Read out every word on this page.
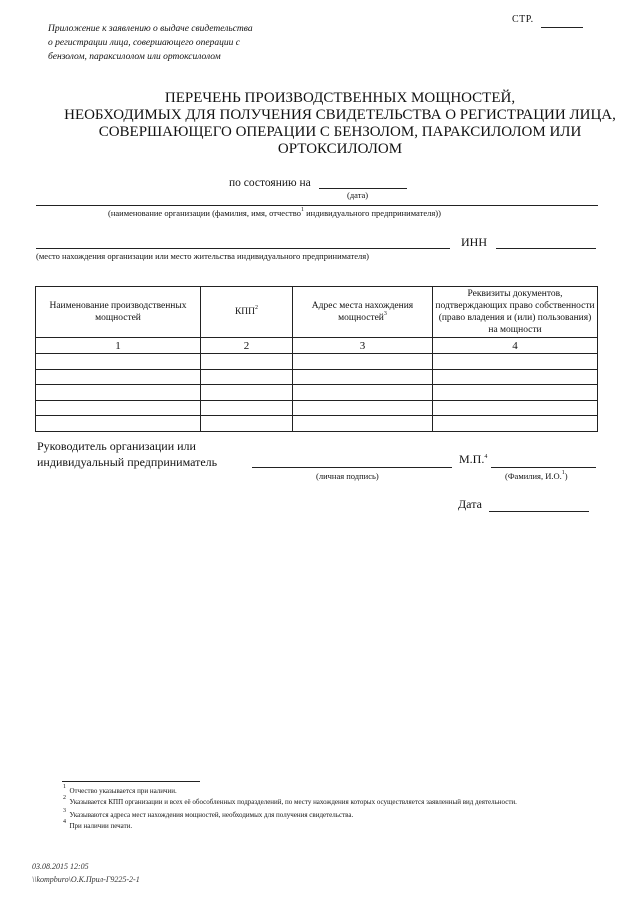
Приложение к заявлению о выдаче свидетельства
о регистрации лица, совершающего операции с
бензолом, параксилолом или ортоксилолом
СТР.
ПЕРЕЧЕНЬ ПРОИЗВОДСТВЕННЫХ МОЩНОСТЕЙ,
НЕОБХОДИМЫХ ДЛЯ ПОЛУЧЕНИЯ СВИДЕТЕЛЬСТВА О РЕГИСТРАЦИИ ЛИЦА,
СОВЕРШАЮЩЕГО ОПЕРАЦИИ С БЕНЗОЛОМ, ПАРАКСИЛОЛОМ ИЛИ
ОРТОКСИЛОЛОМ
по состоянию на
(дата)
(наименование организации (фамилия, имя, отчество$^1$ индивидуального предпринимателя))
ИНН
(место нахождения организации или место жительства индивидуального предпринимателя)
Наименование производственных мощностей	КПП$^2$	Адрес места нахождения мощностей$^3$	Реквизиты документов, подтверждающих право собственности (право владения и (или) пользования) на мощности
1	2	3	4

Руководитель организации или
индивидуальный предприниматель
(личная подпись)
М.П.$^4$
(Фамилия, И.О.$^1$)
Дата
$^1$ Отчество указывается при наличии.
$^2$ Указывается КПП организации и всех её обособленных подразделений, по месту нахождения которых осуществляется заявленный вид деятельности.
$^3$ Указываются адреса мест нахождения мощностей, необходимых для получения свидетельства.
$^4$ При наличии печати.
03.08.2015 12:05
\\kompburo\О.К.Прил-Г9225-2-1
